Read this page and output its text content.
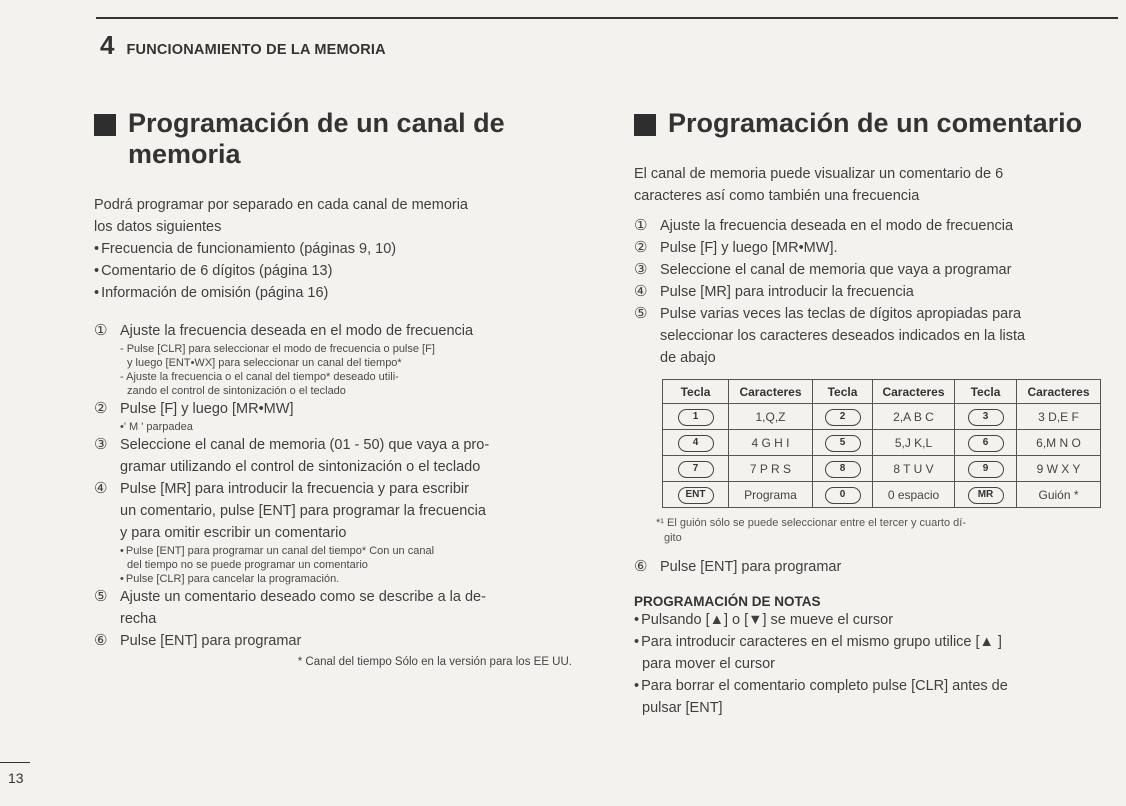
4 FUNCIONAMIENTO DE LA MEMORIA
Programación de un canal de
memoria
Podrá programar por separado en cada canal de memoria
los datos siguientes
• Frecuencia de funcionamiento (páginas 9, 10)
• Comentario de 6 dígitos (página 13)
• Información de omisión (página 16)
① Ajuste la frecuencia deseada en el modo de frecuencia
- Pulse [CLR] para seleccionar el modo de frecuencia o pulse [F]
y luego [ENT•WX] para seleccionar un canal del tiempo*
- Ajuste la frecuencia o el canal del tiempo* deseado utili-
zando el control de sintonización o el teclado
② Pulse [F] y luego [MR•MW]
•' M ' parpadea
③ Seleccione el canal de memoria (01 - 50) que vaya a pro-
gramar utilizando el control de sintonización o el teclado
④ Pulse [MR] para introducir la frecuencia y para escribir
un comentario, pulse [ENT] para programar la frecuencia
y para omitir escribir un comentario
• Pulse [ENT] para programar un canal del tiempo* Con un canal
del tiempo no se puede programar un comentario
• Pulse [CLR] para cancelar la programación.
⑤ Ajuste un comentario deseado como se describe a la de-
recha
⑥ Pulse [ENT] para programar
* Canal del tiempo Sólo en la versión para los EE UU.
Programación de un comentario
El canal de memoria puede visualizar un comentario de 6
caracteres así como también una frecuencia
① Ajuste la frecuencia deseada en el modo de frecuencia
② Pulse [F] y luego [MR•MW].
③ Seleccione el canal de memoria que vaya a programar
④ Pulse [MR] para introducir la frecuencia
⑤ Pulse varias veces las teclas de dígitos apropiadas para
seleccionar los caracteres deseados indicados en la lista
de abajo
Tecla	Caracteres	Tecla	Caracteres	Tecla	Caracteres
1	1,Q,Z	2	2,A B C	3	3 D,E F
4	4 G H I	5	5,J K,L	6	6,M N O
7	7 P R S	8	8 T U V	9	9 W X Y
ENT	Programa	0	0 espacio	MR	Guión *
*¹ El guión sólo se puede seleccionar entre el tercer y cuarto dí-
gito
⑥ Pulse [ENT] para programar
PROGRAMACIÓN DE NOTAS
• Pulsando [▲] o [▼] se mueve el cursor
• Para introducir caracteres en el mismo grupo utilice [▲ ]
para mover el cursor
• Para borrar el comentario completo pulse [CLR] antes de
pulsar [ENT]
13
